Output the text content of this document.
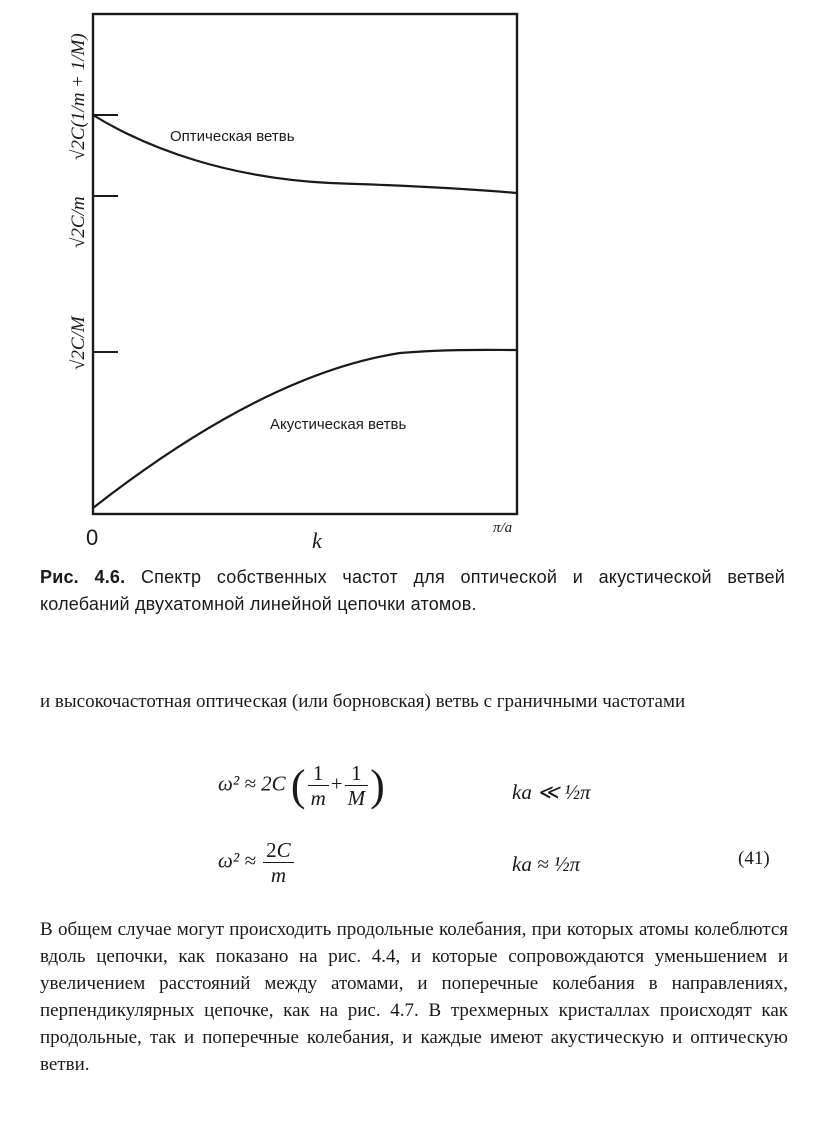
Оптическая ветвь
Акустическая ветвь
0	k	π/a
√2C(1/m + 1/M)
√2C/m
√2C/M
Рис. 4.6. Спектр собственных частот для оптической и акустической ветвей колебаний двухатомной линейной цепочки атомов.
и высокочастотная оптическая (или борновская) ветвь с граничными частотами
ω² ≈ 2C ( $\frac{1}{m} + \frac{1}{M}$ )	ka ≪ ½π
$\omega^2 \approx \frac{2C}{m}$	ka ≈ ½π	(41)
В общем случае могут происходить продольные колебания, при которых атомы колеблются вдоль цепочки, как показано на рис. 4.4, и которые сопровождаются уменьшением и увеличением расстояний между атомами, и поперечные колебания в направлениях, перпендикулярных цепочке, как на рис. 4.7. В трехмерных кристаллах происходят как продольные, так и поперечные колебания, и каждые имеют акустическую и оптическую ветви.
